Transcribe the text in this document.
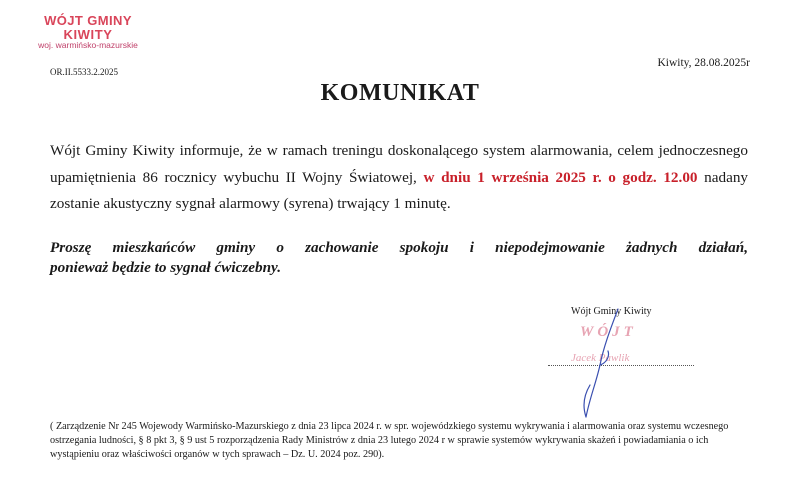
WÓJT GMINY
KIWITY
woj. warmińsko-mazurskie
OR.II.5533.2.2025
Kiwity, 28.08.2025r
KOMUNIKAT
Wójt Gminy Kiwity informuje, że w ramach treningu doskonalącego system alarmowania, celem jednoczesnego upamiętnienia 86 rocznicy wybuchu II Wojny Światowej, w dniu 1 września 2025 r. o godz. 12.00 nadany zostanie akustyczny sygnał alarmowy (syrena) trwający 1 minutę.
Proszę mieszkańców gminy o zachowanie spokoju i niepodejmowanie żadnych działań,
ponieważ będzie to sygnał ćwiczebny.
Wójt Gminy Kiwity
WÓJT
Jacek Pawlik
( Zarządzenie Nr 245 Wojewody Warmińsko-Mazurskiego z dnia 23 lipca 2024 r. w spr. wojewódzkiego systemu wykrywania i alarmowania oraz systemu wczesnego ostrzegania ludności, § 8 pkt 3, § 9 ust 5 rozporządzenia Rady Ministrów z dnia 23 lutego 2024 r w sprawie systemów wykrywania skażeń i powiadamiania o ich wystąpieniu oraz właściwości organów w tych sprawach – Dz. U. 2024 poz. 290).
